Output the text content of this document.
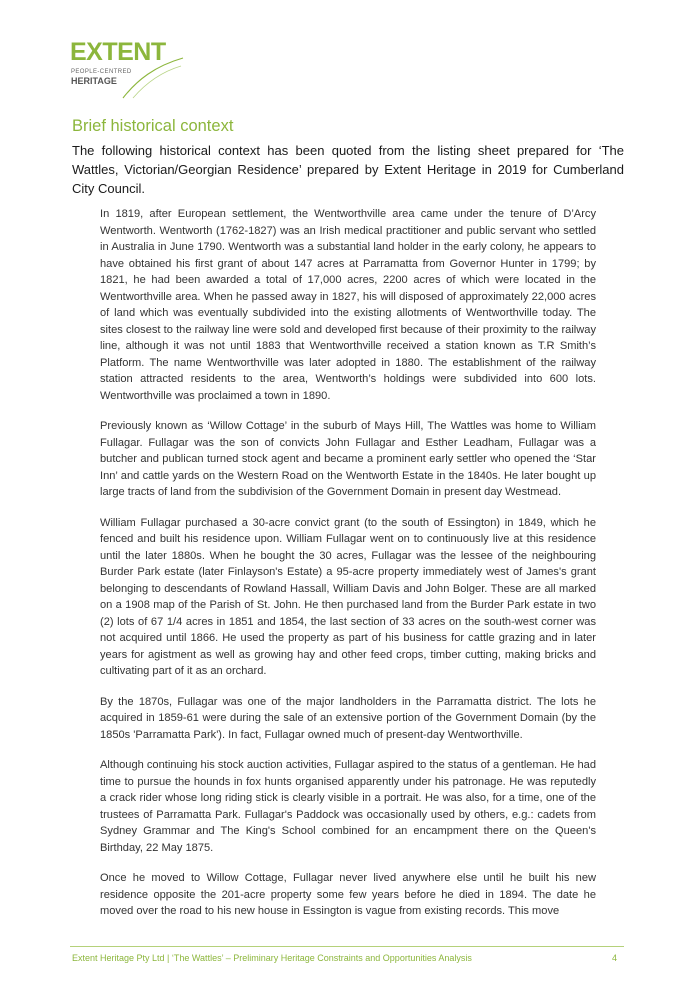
EXTENT
PEOPLE-CENTRED
HERITAGE
Brief historical context

The following historical context has been quoted from the listing sheet prepared for ‘The Wattles, Victorian/Georgian Residence’ prepared by Extent Heritage in 2019 for Cumberland City Council.

In 1819, after European settlement, the Wentworthville area came under the tenure of D’Arcy Wentworth. Wentworth (1762-1827) was an Irish medical practitioner and public servant who settled in Australia in June 1790. Wentworth was a substantial land holder in the early colony, he appears to have obtained his first grant of about 147 acres at Parramatta from Governor Hunter in 1799; by 1821, he had been awarded a total of 17,000 acres, 2200 acres of which were located in the Wentworthville area. When he passed away in 1827, his will disposed of approximately 22,000 acres of land which was eventually subdivided into the existing allotments of Wentworthville today. The sites closest to the railway line were sold and developed first because of their proximity to the railway line, although it was not until 1883 that Wentworthville received a station known as T.R Smith’s Platform. The name Wentworthville was later adopted in 1880. The establishment of the railway station attracted residents to the area, Wentworth’s holdings were subdivided into 600 lots. Wentworthville was proclaimed a town in 1890.

Previously known as ‘Willow Cottage’ in the suburb of Mays Hill, The Wattles was home to William Fullagar. Fullagar was the son of convicts John Fullagar and Esther Leadham, Fullagar was a butcher and publican turned stock agent and became a prominent early settler who opened the ‘Star Inn’ and cattle yards on the Western Road on the Wentworth Estate in the 1840s. He later bought up large tracts of land from the subdivision of the Government Domain in present day Westmead.

William Fullagar purchased a 30-acre convict grant (to the south of Essington) in 1849, which he fenced and built his residence upon. William Fullagar went on to continuously live at this residence until the later 1880s. When he bought the 30 acres, Fullagar was the lessee of the neighbouring Burder Park estate (later Finlayson's Estate) a 95-acre property immediately west of James's grant belonging to descendants of Rowland Hassall, William Davis and John Bolger. These are all marked on a 1908 map of the Parish of St. John. He then purchased land from the Burder Park estate in two (2) lots of 67 1/4 acres in 1851 and 1854, the last section of 33 acres on the south-west corner was not acquired until 1866. He used the property as part of his business for cattle grazing and in later years for agistment as well as growing hay and other feed crops, timber cutting, making bricks and cultivating part of it as an orchard.

By the 1870s, Fullagar was one of the major landholders in the Parramatta district. The lots he acquired in 1859-61 were during the sale of an extensive portion of the Government Domain (by the 1850s 'Parramatta Park'). In fact, Fullagar owned much of present-day Wentworthville.

Although continuing his stock auction activities, Fullagar aspired to the status of a gentleman. He had time to pursue the hounds in fox hunts organised apparently under his patronage. He was reputedly a crack rider whose long riding stick is clearly visible in a portrait. He was also, for a time, one of the trustees of Parramatta Park. Fullagar's Paddock was occasionally used by others, e.g.: cadets from Sydney Grammar and The King's School combined for an encampment there on the Queen's Birthday, 22 May 1875.

Once he moved to Willow Cottage, Fullagar never lived anywhere else until he built his new residence opposite the 201-acre property some few years before he died in 1894. The date he moved over the road to his new house in Essington is vague from existing records. This move

Extent Heritage Pty Ltd | ‘The Wattles’ – Preliminary Heritage Constraints and Opportunities Analysis	4
